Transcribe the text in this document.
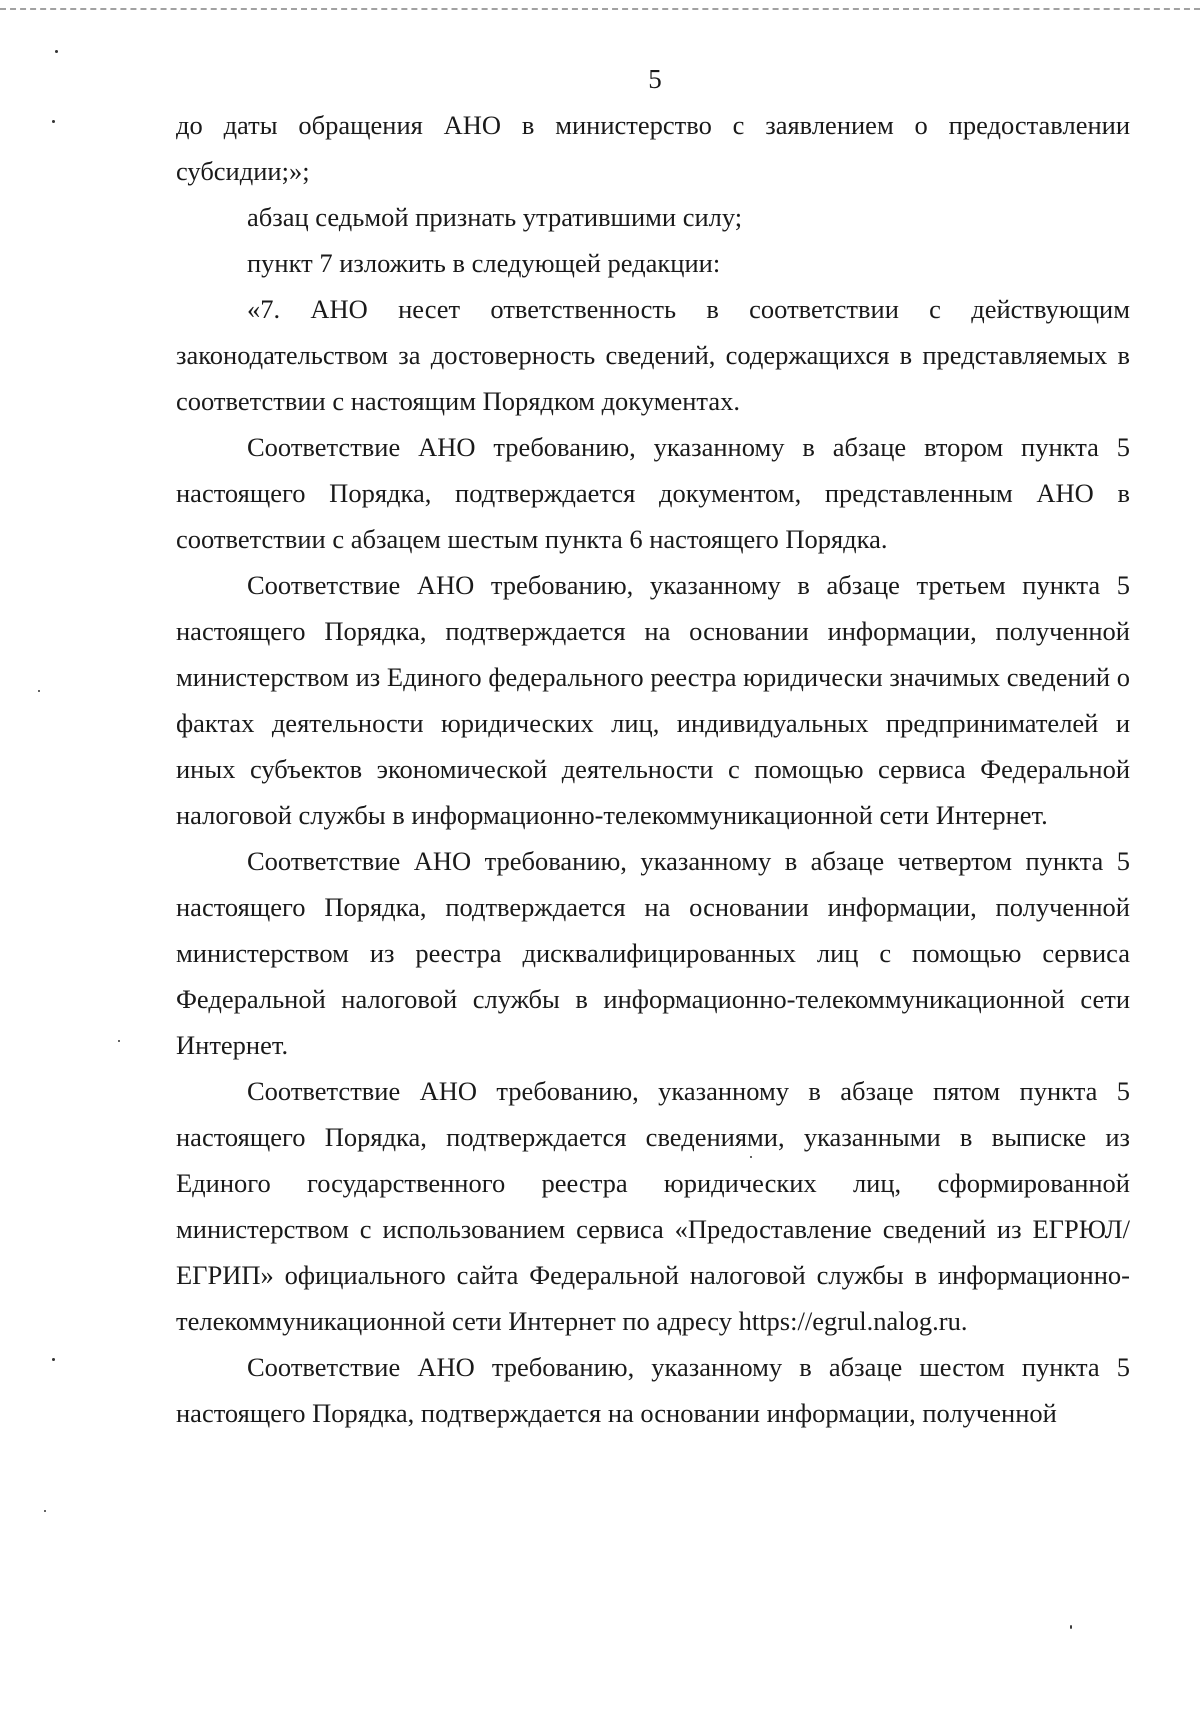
5

до даты обращения АНО в министерство с заявлением о предоставлении субсидии;»;

абзац седьмой признать утратившими силу;

пункт 7 изложить в следующей редакции:

«7. АНО несет ответственность в соответствии с действующим законодательством за достоверность сведений, содержащихся в представляемых в соответствии с настоящим Порядком документах.

Соответствие АНО требованию, указанному в абзаце втором пункта 5 настоящего Порядка, подтверждается документом, представленным АНО в соответствии с абзацем шестым пункта 6 настоящего Порядка.

Соответствие АНО требованию, указанному в абзаце третьем пункта 5 настоящего Порядка, подтверждается на основании информации, полученной министерством из Единого федерального реестра юридически значимых сведений о фактах деятельности юридических лиц, индивидуальных предпринимателей и иных субъектов экономической деятельности с помощью сервиса Федеральной налоговой службы в информационно-телекоммуникационной сети Интернет.

Соответствие АНО требованию, указанному в абзаце четвертом пункта 5 настоящего Порядка, подтверждается на основании информации, полученной министерством из реестра дисквалифицированных лиц с помощью сервиса Федеральной налоговой службы в информационно-телекоммуникационной сети Интернет.

Соответствие АНО требованию, указанному в абзаце пятом пункта 5 настоящего Порядка, подтверждается сведениями, указанными в выписке из Единого государственного реестра юридических лиц, сформированной министерством с использованием сервиса «Предоставление сведений из ЕГРЮЛ/ЕГРИП» официального сайта Федеральной налоговой службы в информационно-телекоммуникационной сети Интернет по адресу https://egrul.nalog.ru.

Соответствие АНО требованию, указанному в абзаце шестом пункта 5 настоящего Порядка, подтверждается на основании информации, полученной
